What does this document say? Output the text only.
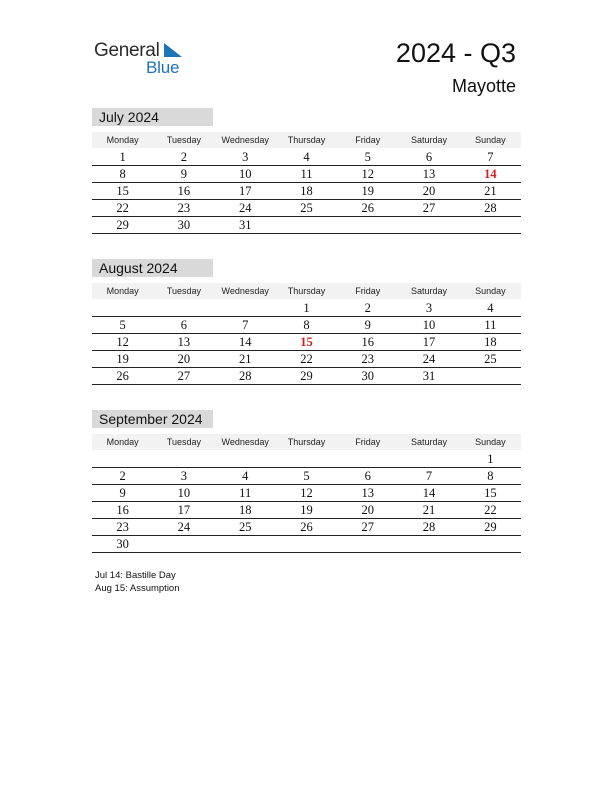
General
Blue	2024 - Q3
Mayotte
July 2024
Monday	Tuesday	Wednesday	Thursday	Friday	Saturday	Sunday
1	2	3	4	5	6	7
8	9	10	11	12	13	14
15	16	17	18	19	20	21
22	23	24	25	26	27	28
29	30	31				
August 2024
Monday	Tuesday	Wednesday	Thursday	Friday	Saturday	Sunday
			1	2	3	4
5	6	7	8	9	10	11
12	13	14	15	16	17	18
19	20	21	22	23	24	25
26	27	28	29	30	31	
September 2024
Monday	Tuesday	Wednesday	Thursday	Friday	Saturday	Sunday
						1
2	3	4	5	6	7	8
9	10	11	12	13	14	15
16	17	18	19	20	21	22
23	24	25	26	27	28	29
30						
Jul 14: Bastille Day
Aug 15: Assumption
